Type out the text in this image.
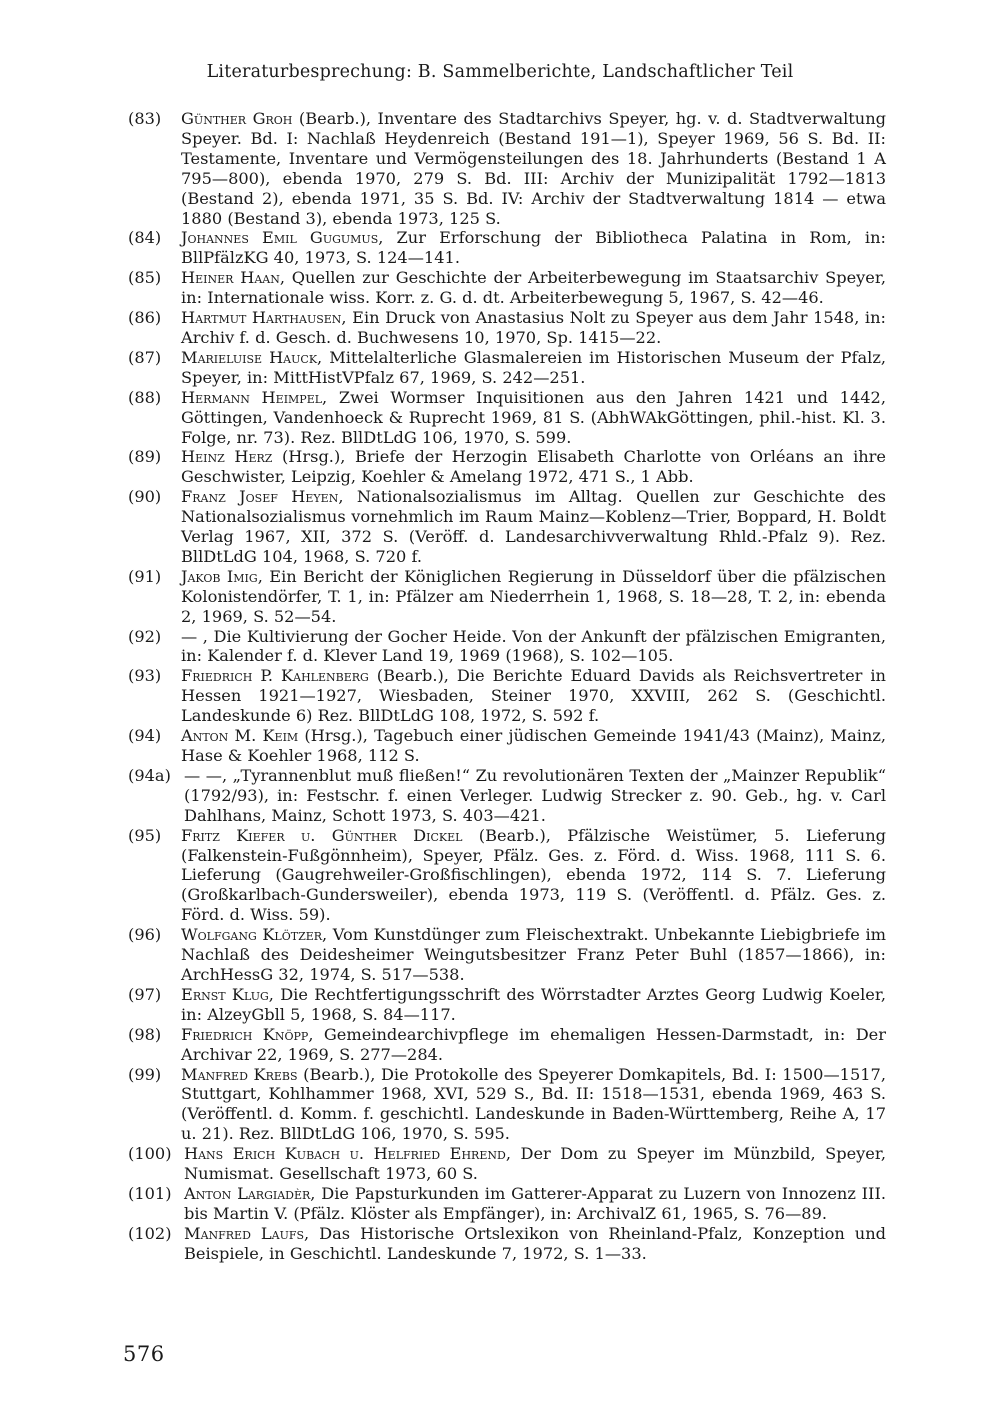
Literaturbesprechung: B. Sammelberichte, Landschaftlicher Teil
(83) Günther Groh (Bearb.), Inventare des Stadtarchivs Speyer, hg. v. d. Stadtverwaltung Speyer. Bd. I: Nachlaß Heydenreich (Bestand 191—1), Speyer 1969, 56 S. Bd. II: Testamente, Inventare und Vermögensteilungen des 18. Jahrhunderts (Bestand 1 A 795—800), ebenda 1970, 279 S. Bd. III: Archiv der Munizipalität 1792—1813 (Bestand 2), ebenda 1971, 35 S. Bd. IV: Archiv der Stadtverwaltung 1814 — etwa 1880 (Bestand 3), ebenda 1973, 125 S.
(84) Johannes Emil Gugumus, Zur Erforschung der Bibliotheca Palatina in Rom, in: BllPfälzKG 40, 1973, S. 124—141.
(85) Heiner Haan, Quellen zur Geschichte der Arbeiterbewegung im Staatsarchiv Speyer, in: Internationale wiss. Korr. z. G. d. dt. Arbeiterbewegung 5, 1967, S. 42—46.
(86) Hartmut Harthausen, Ein Druck von Anastasius Nolt zu Speyer aus dem Jahr 1548, in: Archiv f. d. Gesch. d. Buchwesens 10, 1970, Sp. 1415—22.
(87) Marieluise Hauck, Mittelalterliche Glasmalereien im Historischen Museum der Pfalz, Speyer, in: MittHistVPfalz 67, 1969, S. 242—251.
(88) Hermann Heimpel, Zwei Wormser Inquisitionen aus den Jahren 1421 und 1442, Göttingen, Vandenhoeck & Ruprecht 1969, 81 S. (AbhWAkGöttingen, phil.-hist. Kl. 3. Folge, nr. 73). Rez. BllDtLdG 106, 1970, S. 599.
(89) Heinz Herz (Hrsg.), Briefe der Herzogin Elisabeth Charlotte von Orléans an ihre Geschwister, Leipzig, Koehler & Amelang 1972, 471 S., 1 Abb.
(90) Franz Josef Heyen, Nationalsozialismus im Alltag. Quellen zur Geschichte des Nationalsozialismus vornehmlich im Raum Mainz—Koblenz—Trier, Boppard, H. Boldt Verlag 1967, XII, 372 S. (Veröff. d. Landesarchivverwaltung Rhld.-Pfalz 9). Rez. BllDtLdG 104, 1968, S. 720 f.
(91) Jakob Imig, Ein Bericht der Königlichen Regierung in Düsseldorf über die pfälzischen Kolonistendörfer, T. 1, in: Pfälzer am Niederrhein 1, 1968, S. 18—28, T. 2, in: ebenda 2, 1969, S. 52—54.
(92) — , Die Kultivierung der Gocher Heide. Von der Ankunft der pfälzischen Emigranten, in: Kalender f. d. Klever Land 19, 1969 (1968), S. 102—105.
(93) Friedrich P. Kahlenberg (Bearb.), Die Berichte Eduard Davids als Reichsvertreter in Hessen 1921—1927, Wiesbaden, Steiner 1970, XXVIII, 262 S. (Geschichtl. Landeskunde 6) Rez. BllDtLdG 108, 1972, S. 592 f.
(94) Anton M. Keim (Hrsg.), Tagebuch einer jüdischen Gemeinde 1941/43 (Mainz), Mainz, Hase & Koehler 1968, 112 S.
(94a) — —, „Tyrannenblut muß fließen!“ Zu revolutionären Texten der „Mainzer Republik“ (1792/93), in: Festschr. f. einen Verleger. Ludwig Strecker z. 90. Geb., hg. v. Carl Dahlhans, Mainz, Schott 1973, S. 403—421.
(95) Fritz Kiefer u. Günther Dickel (Bearb.), Pfälzische Weistümer, 5. Lieferung (Falkenstein-Fußgönnheim), Speyer, Pfälz. Ges. z. Förd. d. Wiss. 1968, 111 S. 6. Lieferung (Gaugrehweiler-Großfischlingen), ebenda 1972, 114 S. 7. Lieferung (Großkarlbach-Gundersweiler), ebenda 1973, 119 S. (Veröffentl. d. Pfälz. Ges. z. Förd. d. Wiss. 59).
(96) Wolfgang Klötzer, Vom Kunstdünger zum Fleischextrakt. Unbekannte Liebigbriefe im Nachlaß des Deidesheimer Weingutsbesitzer Franz Peter Buhl (1857—1866), in: ArchHessG 32, 1974, S. 517—538.
(97) Ernst Klug, Die Rechtfertigungsschrift des Wörrstadter Arztes Georg Ludwig Koeler, in: AlzeyGbll 5, 1968, S. 84—117.
(98) Friedrich Knöpp, Gemeindearchivpflege im ehemaligen Hessen-Darmstadt, in: Der Archivar 22, 1969, S. 277—284.
(99) Manfred Krebs (Bearb.), Die Protokolle des Speyerer Domkapitels, Bd. I: 1500—1517, Stuttgart, Kohlhammer 1968, XVI, 529 S., Bd. II: 1518—1531, ebenda 1969, 463 S. (Veröffentl. d. Komm. f. geschichtl. Landeskunde in Baden-Württemberg, Reihe A, 17 u. 21). Rez. BllDtLdG 106, 1970, S. 595.
(100) Hans Erich Kubach u. Helfried Ehrend, Der Dom zu Speyer im Münzbild, Speyer, Numismat. Gesellschaft 1973, 60 S.
(101) Anton Largiadèr, Die Papsturkunden im Gatterer-Apparat zu Luzern von Innozenz III. bis Martin V. (Pfälz. Klöster als Empfänger), in: ArchivalZ 61, 1965, S. 76—89.
(102) Manfred Laufs, Das Historische Ortslexikon von Rheinland-Pfalz, Konzeption und Beispiele, in Geschichtl. Landeskunde 7, 1972, S. 1—33.
576
